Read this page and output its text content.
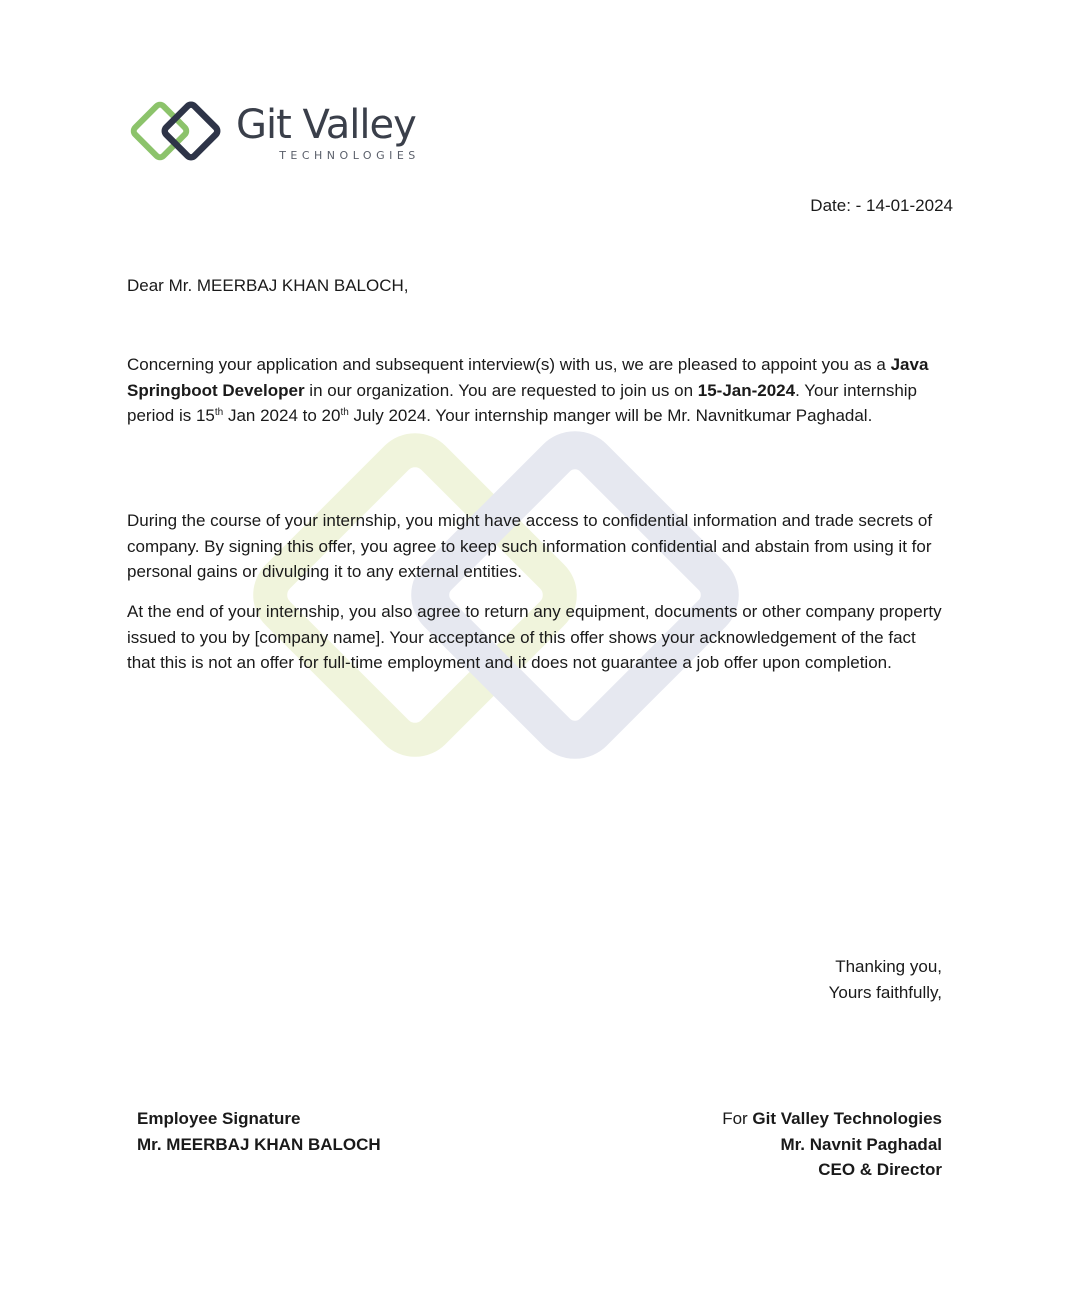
Git Valley
TECHNOLOGIES
Date: - 14-01-2024
Dear Mr. MEERBAJ KHAN BALOCH,

Concerning your application and subsequent interview(s) with us, we are pleased to appoint you as a Java Springboot Developer in our organization. You are requested to join us on 15-Jan-2024. Your internship period is 15th Jan 2024 to 20th July 2024. Your internship manger will be Mr. Navnitkumar Paghadal.

During the course of your internship, you might have access to confidential information and trade secrets of company. By signing this offer, you agree to keep such information confidential and abstain from using it for personal gains or divulging it to any external entities.

At the end of your internship, you also agree to return any equipment, documents or other company property issued to you by [company name]. Your acceptance of this offer shows your acknowledgement of the fact that this is not an offer for full-time employment and it does not guarantee a job offer upon completion.

Thanking you,
Yours faithfully,
Employee Signature
Mr. MEERBAJ KHAN BALOCH
For Git Valley Technologies
Mr. Navnit Paghadal
CEO & Director
